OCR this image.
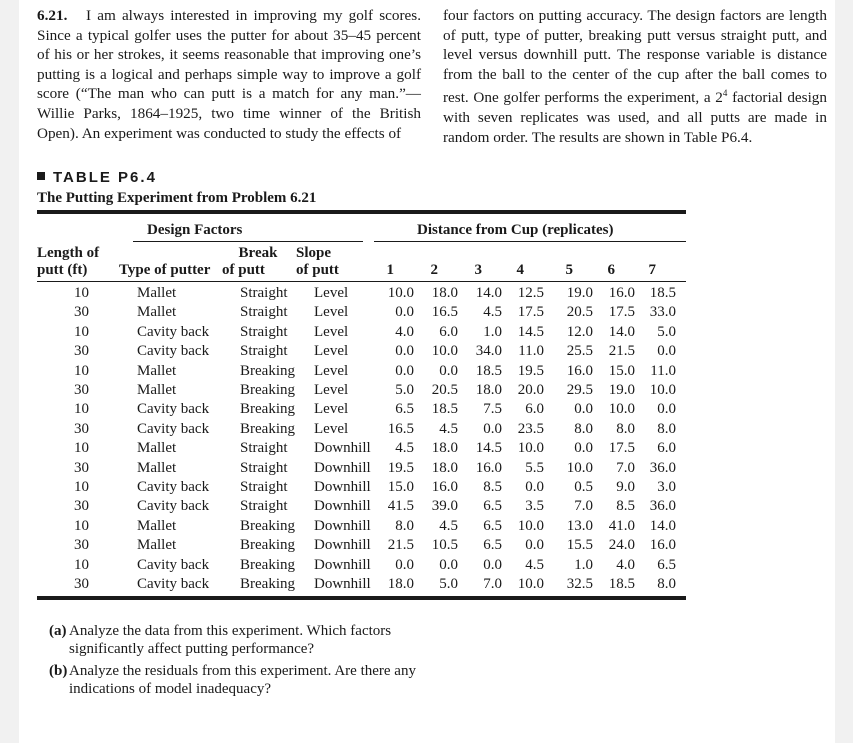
6.21. I am always interested in improving my golf scores. Since a typical golfer uses the putter for about 35–45 percent of his or her strokes, it seems reasonable that improving one’s putting is a logical and perhaps simple way to improve a golf score (“The man who can putt is a match for any man.”—Willie Parks, 1864–1925, two time winner of the British Open). An experiment was conducted to study the effects of

four factors on putting accuracy. The design factors are length of putt, type of putter, breaking putt versus straight putt, and level versus downhill putt. The response variable is distance from the ball to the center of the cup after the ball comes to rest. One golfer performs the experiment, a $2^4$ factorial design with seven replicates was used, and all putts are made in random order. The results are shown in Table P6.4.

TABLE P6.4
The Putting Experiment from Problem 6.21
Design Factors	Distance from Cup (replicates)
Length of
putt (ft)	Type of putter
Break
of putt
Slope
of putt	1	2	3	4	5	6	7
10	Mallet	Straight	Level	10.0	18.0	14.0	12.5	19.0	16.0 18.5
30	Mallet	Straight	Level	0.0	16.5	4.5	17.5	20.5	17.5 33.0
10	Cavity back	Straight	Level	4.0	6.0	1.0	14.5	12.0	14.0	5.0
30	Cavity back	Straight	Level	0.0	10.0	34.0	11.0	25.5	21.5	0.0
10	Mallet	Breaking	Level	0.0	0.0	18.5	19.5	16.0	15.0	11.0
30	Mallet	Breaking	Level	5.0	20.5	18.0	20.0	29.5	19.0 10.0
10	Cavity back	Breaking	Level	6.5	18.5	7.5	6.0	0.0	10.0	0.0
30	Cavity back	Breaking	Level	16.5	4.5	0.0	23.5	8.0	8.0	8.0
10	Mallet	Straight	Downhill	4.5	18.0	14.5	10.0	0.0	17.5	6.0
30	Mallet	Straight	Downhill	19.5	18.0	16.0	5.5	10.0	7.0 36.0
10	Cavity back	Straight	Downhill	15.0	16.0	8.5	0.0	0.5	9.0	3.0
30	Cavity back	Straight	Downhill	41.5	39.0	6.5	3.5	7.0	8.5 36.0
10	Mallet	Breaking	Downhill	8.0	4.5	6.5	10.0	13.0	41.0 14.0
30	Mallet	Breaking	Downhill	21.5	10.5	6.5	0.0	15.5	24.0 16.0
10	Cavity back	Breaking	Downhill	0.0	0.0	0.0	4.5	1.0	4.0	6.5
30	Cavity back	Breaking	Downhill	18.0	5.0	7.0	10.0	32.5	18.5	8.0
(a) Analyze the data from this experiment. Which factors significantly affect putting performance?
(b) Analyze the residuals from this experiment. Are there any indications of model inadequacy?
